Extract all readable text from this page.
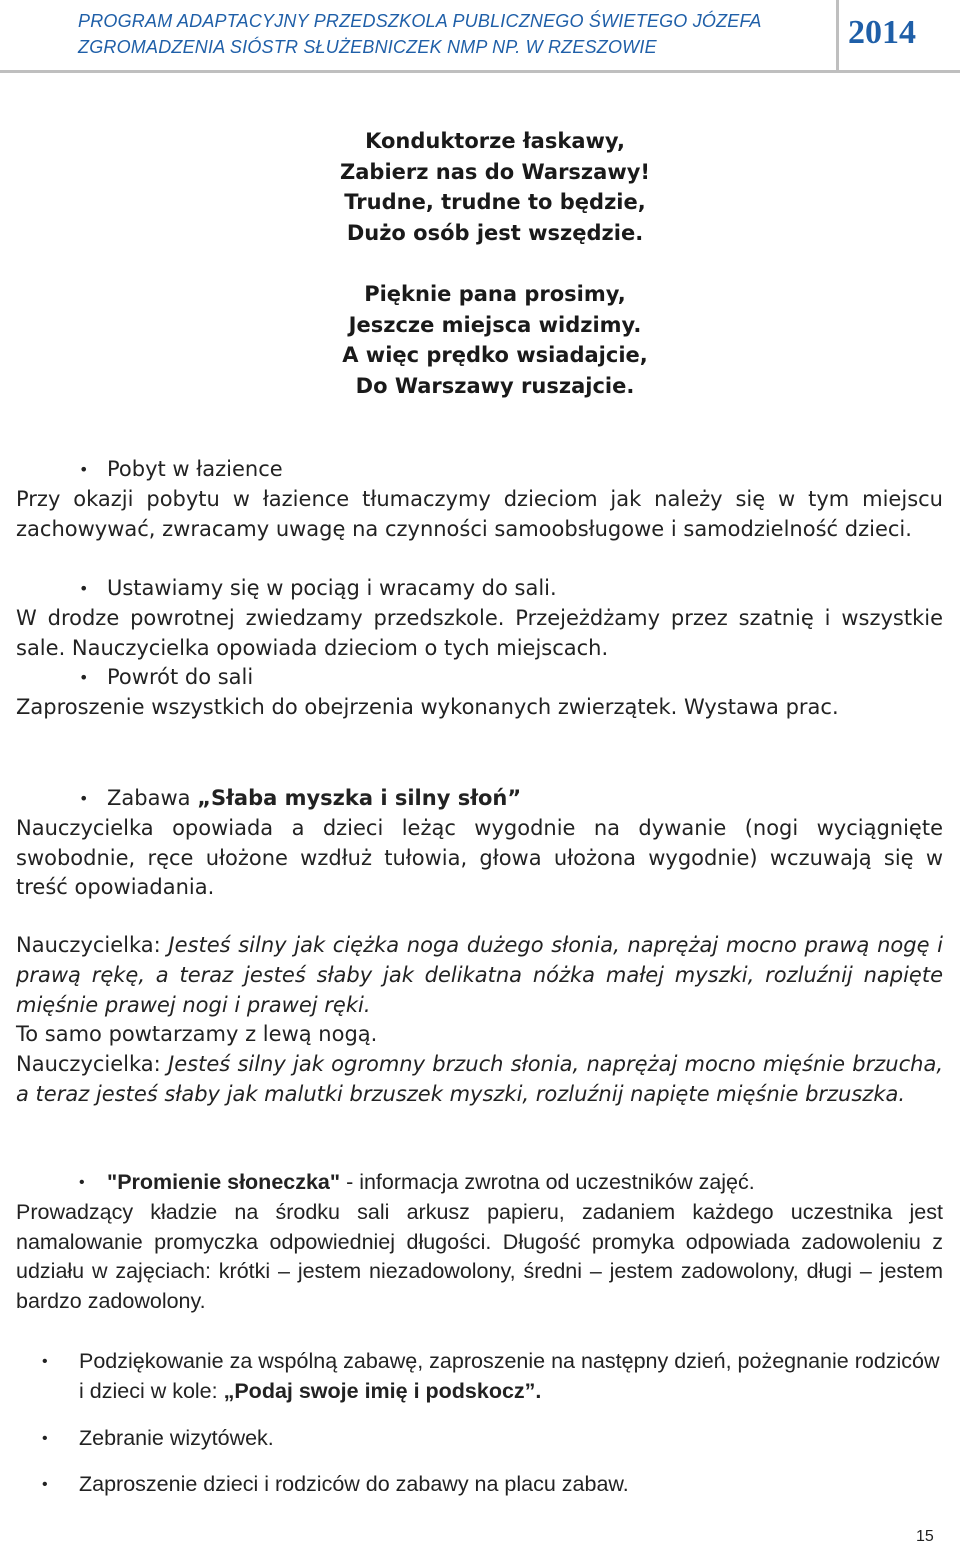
PROGRAM ADAPTACYJNY PRZEDSZKOLA PUBLICZNEGO ŚWIETEGO JÓZEFA
ZGROMADZENIA SIÓSTR SŁUŻEBNICZEK NMP NP. W RZESZOWIE	2014
Konduktorze łaskawy,
Zabierz nas do Warszawy!
Trudne, trudne to będzie,
Dużo osób jest wszędzie.
Pięknie pana prosimy,
Jeszcze miejsca widzimy.
A więc prędko wsiadajcie,
Do Warszawy ruszajcie.
• Pobyt w łazience
Przy okazji pobytu w łazience tłumaczymy dzieciom jak należy się w tym miejscu zachowywać, zwracamy uwagę na czynności samoobsługowe i samodzielność dzieci.
• Ustawiamy się w pociąg i wracamy do sali.
W drodze powrotnej zwiedzamy przedszkole. Przejeżdżamy przez szatnię i wszystkie sale. Nauczycielka opowiada dzieciom o tych miejscach.
• Powrót do sali
Zaproszenie wszystkich do obejrzenia wykonanych zwierzątek. Wystawa prac.
• Zabawa „Słaba myszka i silny słoń”
Nauczycielka opowiada a dzieci leżąc wygodnie na dywanie (nogi wyciągnięte swobodnie, ręce ułożone wzdłuż tułowia, głowa ułożona wygodnie) wczuwają się w treść opowiadania.
Nauczycielka: Jesteś silny jak ciężka noga dużego słonia, naprężaj mocno prawą nogę i prawą rękę, a teraz jesteś słaby jak delikatna nóżka małej myszki, rozluźnij napięte mięśnie prawej nogi i prawej ręki.
To samo powtarzamy z lewą nogą.
Nauczycielka: Jesteś silny jak ogromny brzuch słonia, naprężaj mocno mięśnie brzucha, a teraz jesteś słaby jak malutki brzuszek myszki, rozluźnij napięte mięśnie brzuszka.
• "Promienie słoneczka" - informacja zwrotna od uczestników zajęć.
Prowadzący kładzie na środku sali arkusz papieru, zadaniem każdego uczestnika jest namalowanie promyczka odpowiedniej długości. Długość promyka odpowiada zadowoleniu z udziału w zajęciach: krótki – jestem niezadowolony, średni – jestem zadowolony, długi – jestem bardzo zadowolony.
• Podziękowanie za wspólną zabawę, zaproszenie na następny dzień, pożegnanie rodziców i dzieci w kole: „Podaj swoje imię i podskocz”.
• Zebranie wizytówek.
• Zaproszenie dzieci i rodziców do zabawy na placu zabaw.
15
